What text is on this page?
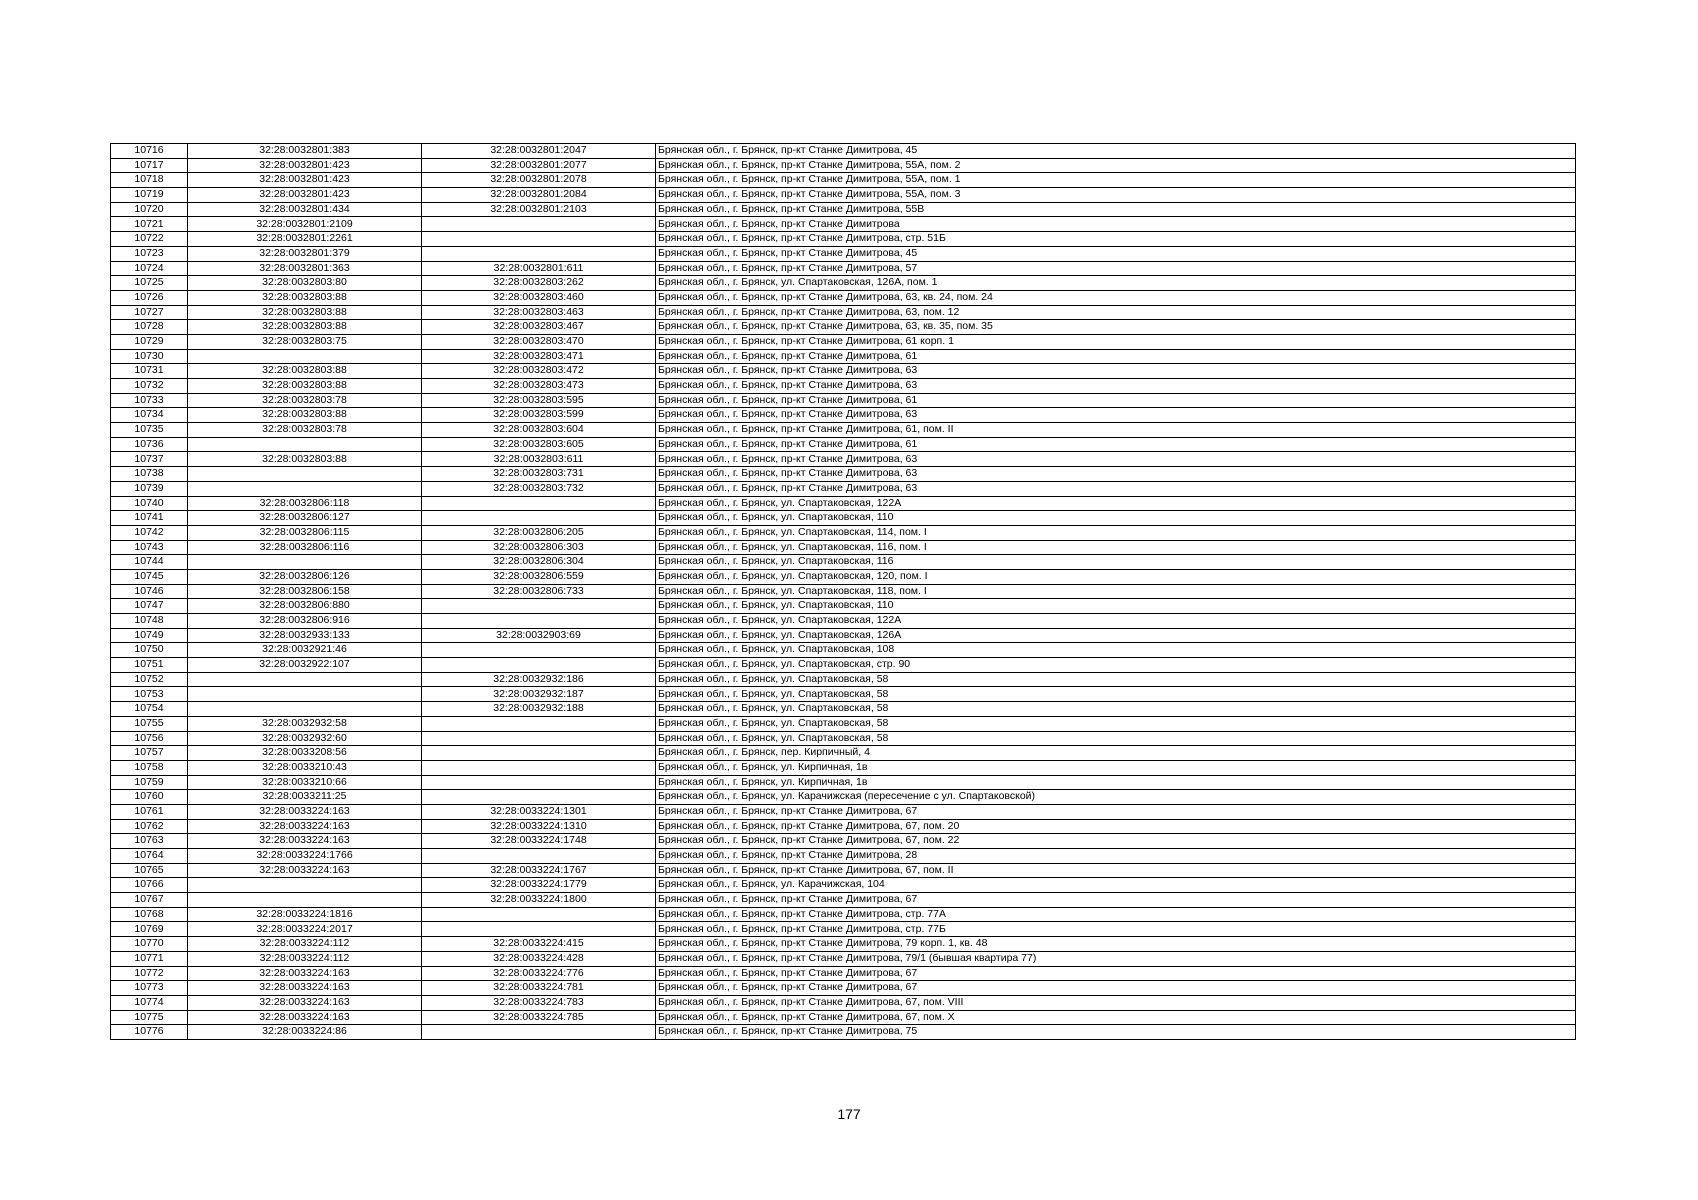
10716	32:28:0032801:383	32:28:0032801:2047	Брянская обл., г. Брянск, пр-кт Станке Димитрова, 45
10717	32:28:0032801:423	32:28:0032801:2077	Брянская обл., г. Брянск, пр-кт Станке Димитрова, 55А, пом. 2
10718	32:28:0032801:423	32:28:0032801:2078	Брянская обл., г. Брянск, пр-кт Станке Димитрова, 55А, пом. 1
10719	32:28:0032801:423	32:28:0032801:2084	Брянская обл., г. Брянск, пр-кт Станке Димитрова, 55А, пом. 3
10720	32:28:0032801:434	32:28:0032801:2103	Брянская обл., г. Брянск, пр-кт Станке Димитрова, 55В
10721	32:28:0032801:2109		Брянская обл., г. Брянск, пр-кт Станке Димитрова
10722	32:28:0032801:2261		Брянская обл., г. Брянск, пр-кт Станке Димитрова, стр. 51Б
10723	32:28:0032801:379		Брянская обл., г. Брянск, пр-кт Станке Димитрова, 45
10724	32:28:0032801:363	32:28:0032801:611	Брянская обл., г. Брянск, пр-кт Станке Димитрова, 57
10725	32:28:0032803:80	32:28:0032803:262	Брянская обл., г. Брянск, ул. Спартаковская, 126А, пом. 1
10726	32:28:0032803:88	32:28:0032803:460	Брянская обл., г. Брянск, пр-кт Станке Димитрова, 63, кв. 24, пом. 24
10727	32:28:0032803:88	32:28:0032803:463	Брянская обл., г. Брянск, пр-кт Станке Димитрова, 63, пом. 12
10728	32:28:0032803:88	32:28:0032803:467	Брянская обл., г. Брянск, пр-кт Станке Димитрова, 63, кв. 35, пом. 35
10729	32:28:0032803:75	32:28:0032803:470	Брянская обл., г. Брянск, пр-кт Станке Димитрова, 61 корп. 1
10730		32:28:0032803:471	Брянская обл., г. Брянск, пр-кт Станке Димитрова, 61
10731	32:28:0032803:88	32:28:0032803:472	Брянская обл., г. Брянск, пр-кт Станке Димитрова, 63
10732	32:28:0032803:88	32:28:0032803:473	Брянская обл., г. Брянск, пр-кт Станке Димитрова, 63
10733	32:28:0032803:78	32:28:0032803:595	Брянская обл., г. Брянск, пр-кт Станке Димитрова, 61
10734	32:28:0032803:88	32:28:0032803:599	Брянская обл., г. Брянск, пр-кт Станке Димитрова, 63
10735	32:28:0032803:78	32:28:0032803:604	Брянская обл., г. Брянск, пр-кт Станке Димитрова, 61, пом. II
10736		32:28:0032803:605	Брянская обл., г. Брянск, пр-кт Станке Димитрова, 61
10737	32:28:0032803:88	32:28:0032803:611	Брянская обл., г. Брянск, пр-кт Станке Димитрова, 63
10738		32:28:0032803:731	Брянская обл., г. Брянск, пр-кт Станке Димитрова, 63
10739		32:28:0032803:732	Брянская обл., г. Брянск, пр-кт Станке Димитрова, 63
10740	32:28:0032806:118		Брянская обл., г. Брянск, ул. Спартаковская, 122А
10741	32:28:0032806:127		Брянская обл., г. Брянск, ул. Спартаковская, 110
10742	32:28:0032806:115	32:28:0032806:205	Брянская обл., г. Брянск, ул. Спартаковская, 114, пом. I
10743	32:28:0032806:116	32:28:0032806:303	Брянская обл., г. Брянск, ул. Спартаковская, 116, пом. I
10744		32:28:0032806:304	Брянская обл., г. Брянск, ул. Спартаковская, 116
10745	32:28:0032806:126	32:28:0032806:559	Брянская обл., г. Брянск, ул. Спартаковская, 120, пом. I
10746	32:28:0032806:158	32:28:0032806:733	Брянская обл., г. Брянск, ул. Спартаковская, 118, пом. I
10747	32:28:0032806:880		Брянская обл., г. Брянск, ул. Спартаковская, 110
10748	32:28:0032806:916		Брянская обл., г. Брянск, ул. Спартаковская, 122А
10749	32:28:0032933:133	32:28:0032903:69	Брянская обл., г. Брянск, ул. Спартаковская, 126А
10750	32:28:0032921:46		Брянская обл., г. Брянск, ул. Спартаковская, 108
10751	32:28:0032922:107		Брянская обл., г. Брянск, ул. Спартаковская, стр. 90
10752		32:28:0032932:186	Брянская обл., г. Брянск, ул. Спартаковская, 58
10753		32:28:0032932:187	Брянская обл., г. Брянск, ул. Спартаковская, 58
10754		32:28:0032932:188	Брянская обл., г. Брянск, ул. Спартаковская, 58
10755	32:28:0032932:58		Брянская обл., г. Брянск, ул. Спартаковская, 58
10756	32:28:0032932:60		Брянская обл., г. Брянск, ул. Спартаковская, 58
10757	32:28:0033208:56		Брянская обл., г. Брянск, пер. Кирпичный, 4
10758	32:28:0033210:43		Брянская обл., г. Брянск, ул. Кирпичная, 1в
10759	32:28:0033210:66		Брянская обл., г. Брянск, ул. Кирпичная, 1в
10760	32:28:0033211:25		Брянская обл., г. Брянск, ул. Карачижская (пересечение с ул. Спартаковской)
10761	32:28:0033224:163	32:28:0033224:1301	Брянская обл., г. Брянск, пр-кт Станке Димитрова, 67
10762	32:28:0033224:163	32:28:0033224:1310	Брянская обл., г. Брянск, пр-кт Станке Димитрова, 67, пом. 20
10763	32:28:0033224:163	32:28:0033224:1748	Брянская обл., г. Брянск, пр-кт Станке Димитрова, 67, пом. 22
10764	32:28:0033224:1766		Брянская обл., г. Брянск, пр-кт Станке Димитрова, 28
10765	32:28:0033224:163	32:28:0033224:1767	Брянская обл., г. Брянск, пр-кт Станке Димитрова, 67, пом. II
10766		32:28:0033224:1779	Брянская обл., г. Брянск, ул. Карачижская, 104
10767		32:28:0033224:1800	Брянская обл., г. Брянск, пр-кт Станке Димитрова, 67
10768	32:28:0033224:1816		Брянская обл., г. Брянск, пр-кт Станке Димитрова, стр. 77А
10769	32:28:0033224:2017		Брянская обл., г. Брянск, пр-кт Станке Димитрова, стр. 77Б
10770	32:28:0033224:112	32:28:0033224:415	Брянская обл., г. Брянск, пр-кт Станке Димитрова, 79 корп. 1, кв. 48
10771	32:28:0033224:112	32:28:0033224:428	Брянская обл., г. Брянск, пр-кт Станке Димитрова, 79/1 (бывшая квартира 77)
10772	32:28:0033224:163	32:28:0033224:776	Брянская обл., г. Брянск, пр-кт Станке Димитрова, 67
10773	32:28:0033224:163	32:28:0033224:781	Брянская обл., г. Брянск, пр-кт Станке Димитрова, 67
10774	32:28:0033224:163	32:28:0033224:783	Брянская обл., г. Брянск, пр-кт Станке Димитрова, 67, пом. VIII
10775	32:28:0033224:163	32:28:0033224:785	Брянская обл., г. Брянск, пр-кт Станке Димитрова, 67, пом. X
10776	32:28:0033224:86		Брянская обл., г. Брянск, пр-кт Станке Димитрова, 75
177
